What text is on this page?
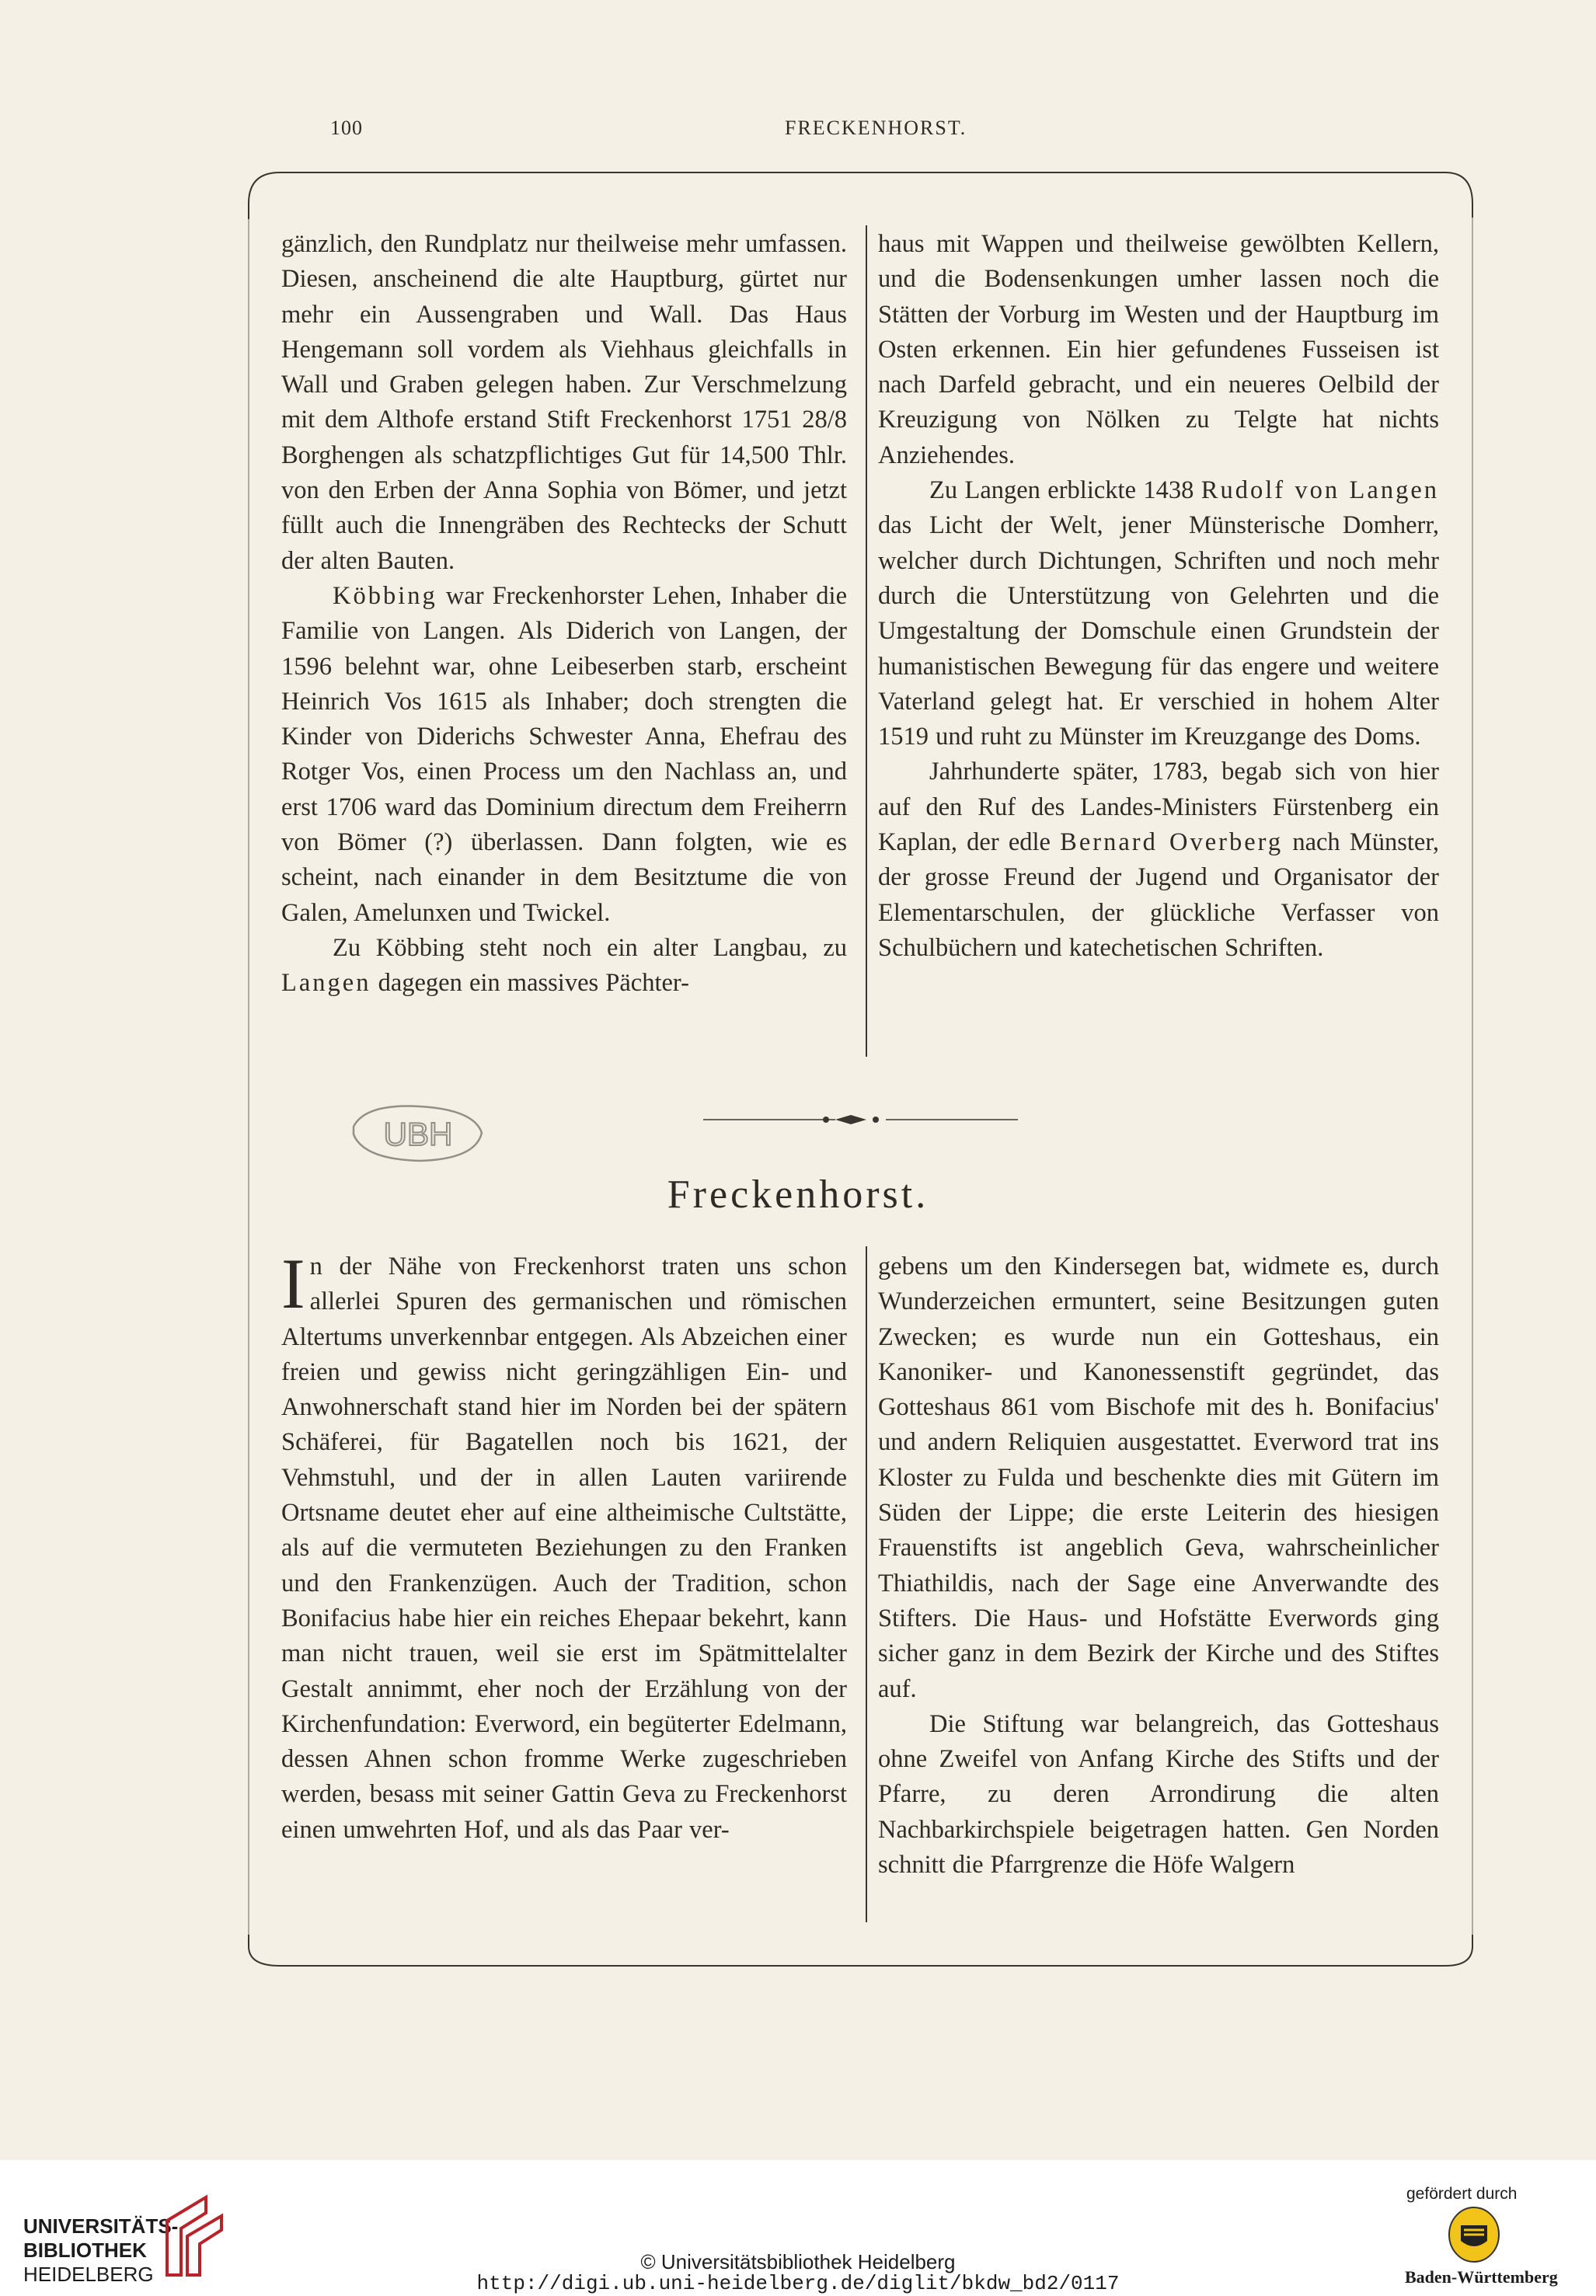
100	FRECKENHORST.
UBH

gänzlich, den Rundplatz nur theilweise mehr umfassen. Diesen, anscheinend die alte Hauptburg, gürtet nur mehr ein Aussengraben und Wall. Das Haus Hengemann soll vordem als Viehhaus gleichfalls in Wall und Graben gelegen haben. Zur Verschmelzung mit dem Althofe erstand Stift Freckenhorst 1751 28/8 Borghengen als schatzpflichtiges Gut für 14,500 Thlr. von den Erben der Anna Sophia von Bömer, und jetzt füllt auch die Innengräben des Rechtecks der Schutt der alten Bauten.

Köbbing war Freckenhorster Lehen, Inhaber die Familie von Langen. Als Diderich von Langen, der 1596 belehnt war, ohne Leibeserben starb, erscheint Heinrich Vos 1615 als Inhaber; doch strengten die Kinder von Diderichs Schwester Anna, Ehefrau des Rotger Vos, einen Process um den Nachlass an, und erst 1706 ward das Dominium directum dem Freiherrn von Bömer (?) überlassen. Dann folgten, wie es scheint, nach einander in dem Besitztume die von Galen, Amelunxen und Twickel.

Zu Köbbing steht noch ein alter Langbau, zu Langen dagegen ein massives Pächter-

haus mit Wappen und theilweise gewölbten Kellern, und die Bodensenkungen umher lassen noch die Stätten der Vorburg im Westen und der Hauptburg im Osten erkennen. Ein hier gefundenes Fusseisen ist nach Darfeld gebracht, und ein neueres Oelbild der Kreuzigung von Nölken zu Telgte hat nichts Anziehendes.

Zu Langen erblickte 1438 Rudolf von Langen das Licht der Welt, jener Münsterische Domherr, welcher durch Dichtungen, Schriften und noch mehr durch die Unterstützung von Gelehrten und die Umgestaltung der Domschule einen Grundstein der humanistischen Bewegung für das engere und weitere Vaterland gelegt hat. Er verschied in hohem Alter 1519 und ruht zu Münster im Kreuzgange des Doms.

Jahrhunderte später, 1783, begab sich von hier auf den Ruf des Landes-Ministers Fürstenberg ein Kaplan, der edle Bernard Overberg nach Münster, der grosse Freund der Jugend und Organisator der Elementarschulen, der glückliche Verfasser von Schulbüchern und katechetischen Schriften.

Freckenhorst.

In der Nähe von Freckenhorst traten uns schon allerlei Spuren des germanischen und römischen Altertums unverkennbar entgegen. Als Abzeichen einer freien und gewiss nicht geringzähligen Ein- und Anwohnerschaft stand hier im Norden bei der spätern Schäferei, für Bagatellen noch bis 1621, der Vehmstuhl, und der in allen Lauten variirende Ortsname deutet eher auf eine altheimische Cultstätte, als auf die vermuteten Beziehungen zu den Franken und den Frankenzügen. Auch der Tradition, schon Bonifacius habe hier ein reiches Ehepaar bekehrt, kann man nicht trauen, weil sie erst im Spätmittelalter Gestalt annimmt, eher noch der Erzählung von der Kirchenfundation: Everword, ein begüterter Edelmann, dessen Ahnen schon fromme Werke zugeschrieben werden, besass mit seiner Gattin Geva zu Freckenhorst einen umwehrten Hof, und als das Paar ver-

gebens um den Kindersegen bat, widmete es, durch Wunderzeichen ermuntert, seine Besitzungen guten Zwecken; es wurde nun ein Gotteshaus, ein Kanoniker- und Kanonessenstift gegründet, das Gotteshaus 861 vom Bischofe mit des h. Bonifacius' und andern Reliquien ausgestattet. Everword trat ins Kloster zu Fulda und beschenkte dies mit Gütern im Süden der Lippe; die erste Leiterin des hiesigen Frauenstifts ist angeblich Geva, wahrscheinlicher Thiathildis, nach der Sage eine Anverwandte des Stifters. Die Haus- und Hofstätte Everwords ging sicher ganz in dem Bezirk der Kirche und des Stiftes auf.

Die Stiftung war belangreich, das Gotteshaus ohne Zweifel von Anfang Kirche des Stifts und der Pfarre, zu deren Arrondirung die alten Nachbarkirchspiele beigetragen hatten. Gen Norden schnitt die Pfarrgrenze die Höfe Walgern

UNIVERSITÄTS-
BIBLIOTHEK
HEIDELBERG
© Universitätsbibliothek Heidelberg
http://digi.ub.uni-heidelberg.de/diglit/bkdw_bd2/0117
gefördert durch
Baden-Württemberg
